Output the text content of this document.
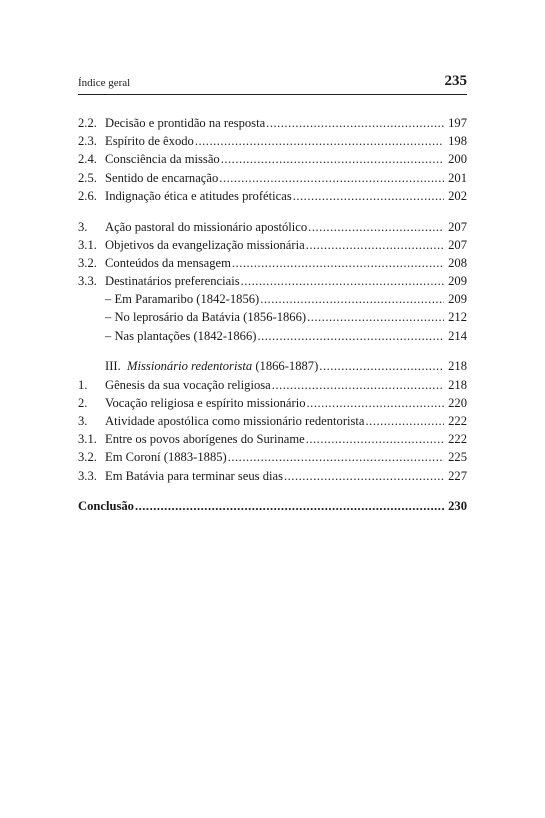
Índice geral	235
2.2. Decisão e prontidão na resposta .....	197
2.3. Espírito de êxodo .....	198
2.4. Consciência da missão .....	200
2.5. Sentido de encarnação .....	201
2.6. Indignação ética e atitudes proféticas .....	202
3.	Ação pastoral do missionário apostólico .....	207
3.1. Objetivos da evangelização missionária .....	207
3.2. Conteúdos da mensagem .....	208
3.3. Destinatários preferenciais .....	209
– Em Paramaribo (1842-1856) .....	209
– No leprosário da Batávia (1856-1866) .....	212
– Nas plantações (1842-1866) .....	214
III. Missionário redentorista (1866-1887) .....	218
1.	Gênesis da sua vocação religiosa .....	218
2.	Vocação religiosa e espírito missionário .....	220
3.	Atividade apostólica como missionário redentorista .....	222
3.1. Entre os povos aborígenes do Suriname .....	222
3.2. Em Coroní (1883-1885) .....	225
3.3. Em Batávia para terminar seus dias .....	227
Conclusão .....	230
